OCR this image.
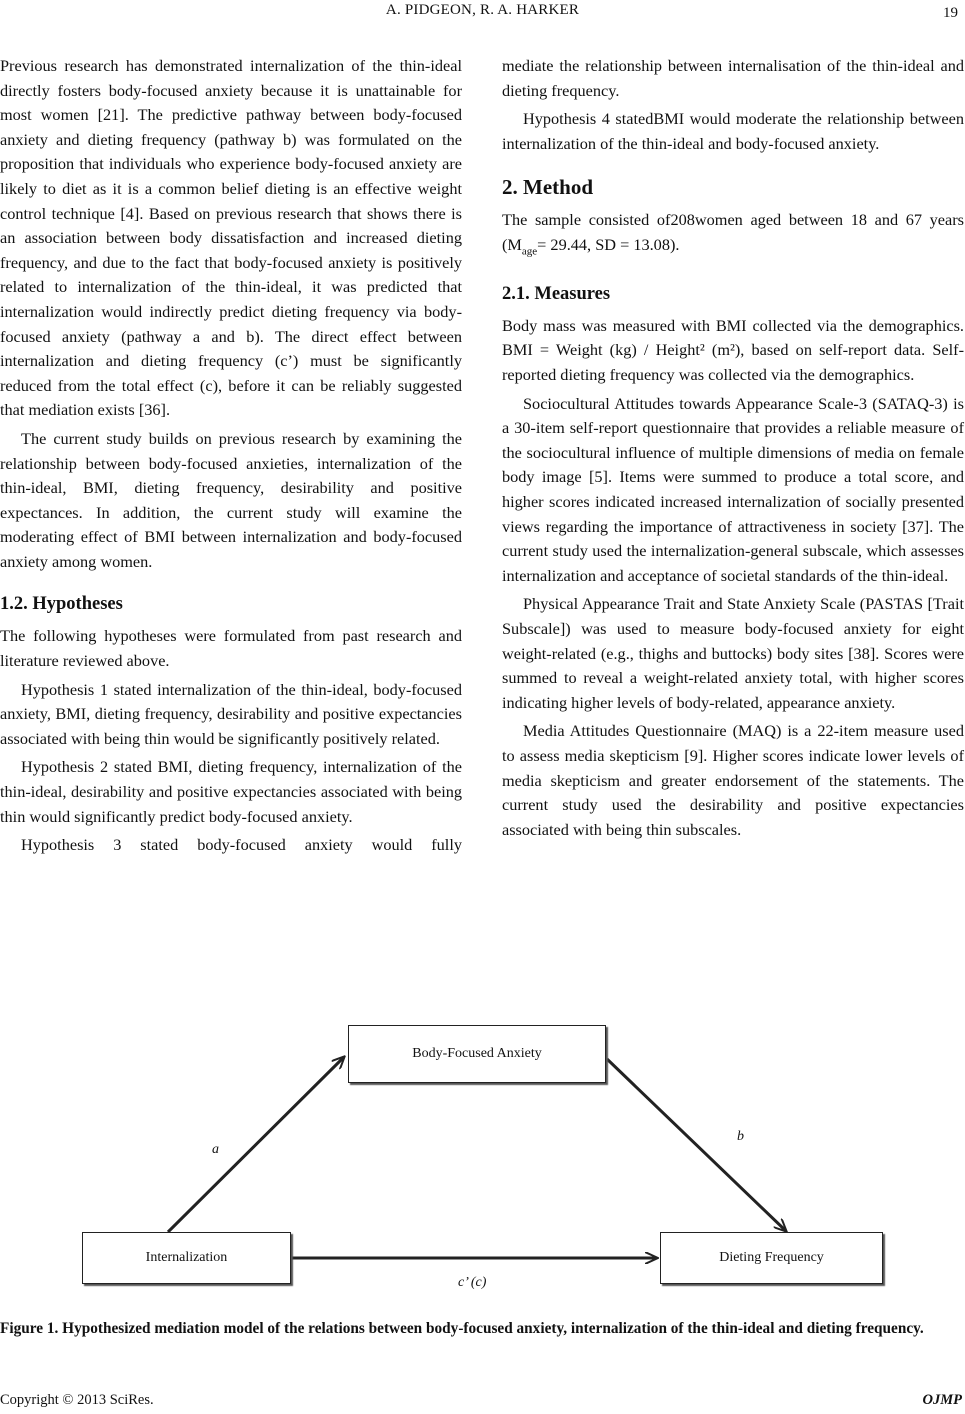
A. PIDGEON, R. A. HARKER	19

Previous research has demonstrated internalization of the thin-ideal directly fosters body-focused anxiety because it is unattainable for most women [21]. The predictive pathway between body-focused anxiety and dieting frequency (pathway b) was formulated on the proposition that individuals who experience body-focused anxiety are likely to diet as it is a common belief dieting is an effective weight control technique [4]. Based on previous research that shows there is an association between body dissatisfaction and increased dieting frequency, and due to the fact that body-focused anxiety is positively related to internalization of the thin-ideal, it was predicted that internalization would indirectly predict dieting frequency via body-focused anxiety (pathway a and b). The direct effect between internalization and dieting frequency (c’) must be significantly reduced from the total effect (c), before it can be reliably suggested that mediation exists [36].

The current study builds on previous research by examining the relationship between body-focused anxieties, internalization of the thin-ideal, BMI, dieting frequency, desirability and positive expectances. In addition, the current study will examine the moderating effect of BMI between internalization and body-focused anxiety among women.

1.2. Hypotheses

The following hypotheses were formulated from past research and literature reviewed above.

Hypothesis 1 stated internalization of the thin-ideal, body-focused anxiety, BMI, dieting frequency, desirability and positive expectancies associated with being thin would be significantly positively related.

Hypothesis 2 stated BMI, dieting frequency, internalization of the thin-ideal, desirability and positive expectancies associated with being thin would significantly predict body-focused anxiety.

Hypothesis 3 stated body-focused anxiety would fully

mediate the relationship between internalisation of the thin-ideal and dieting frequency.

Hypothesis 4 statedBMI would moderate the relationship between internalization of the thin-ideal and body-focused anxiety.

2. Method

The sample consisted of208women aged between 18 and 67 years ($M_{age}= 29.44$, SD = 13.08).

2.1. Measures

Body mass was measured with BMI collected via the demographics. BMI = Weight (kg) / Height² (m²), based on self-report data. Self-reported dieting frequency was collected via the demographics.

Sociocultural Attitudes towards Appearance Scale-3 (SATAQ-3) is a 30-item self-report questionnaire that provides a reliable measure of the sociocultural influence of multiple dimensions of media on female body image [5]. Items were summed to produce a total score, and higher scores indicated increased internalization of socially presented views regarding the importance of attractiveness in society [37]. The current study used the internalization-general subscale, which assesses internalization and acceptance of societal standards of the thin-ideal.

Physical Appearance Trait and State Anxiety Scale (PASTAS [Trait Subscale]) was used to measure body-focused anxiety for eight weight-related (e.g., thighs and buttocks) body sites [38]. Scores were summed to reveal a weight-related anxiety total, with higher scores indicating higher levels of body-related, appearance anxiety.

Media Attitudes Questionnaire (MAQ) is a 22-item measure used to assess media skepticism [9]. Higher scores indicate lower levels of media skepticism and greater endorsement of the statements. The current study used the desirability and positive expectancies associated with being thin subscales.

Body-Focused Anxiety
Internalization	Dieting Frequency
a
b
c’ (c)
Figure 1. Hypothesized mediation model of the relations between body-focused anxiety, internalization of the thin-ideal and dieting frequency.
Copyright © 2013 SciRes.	OJMP
